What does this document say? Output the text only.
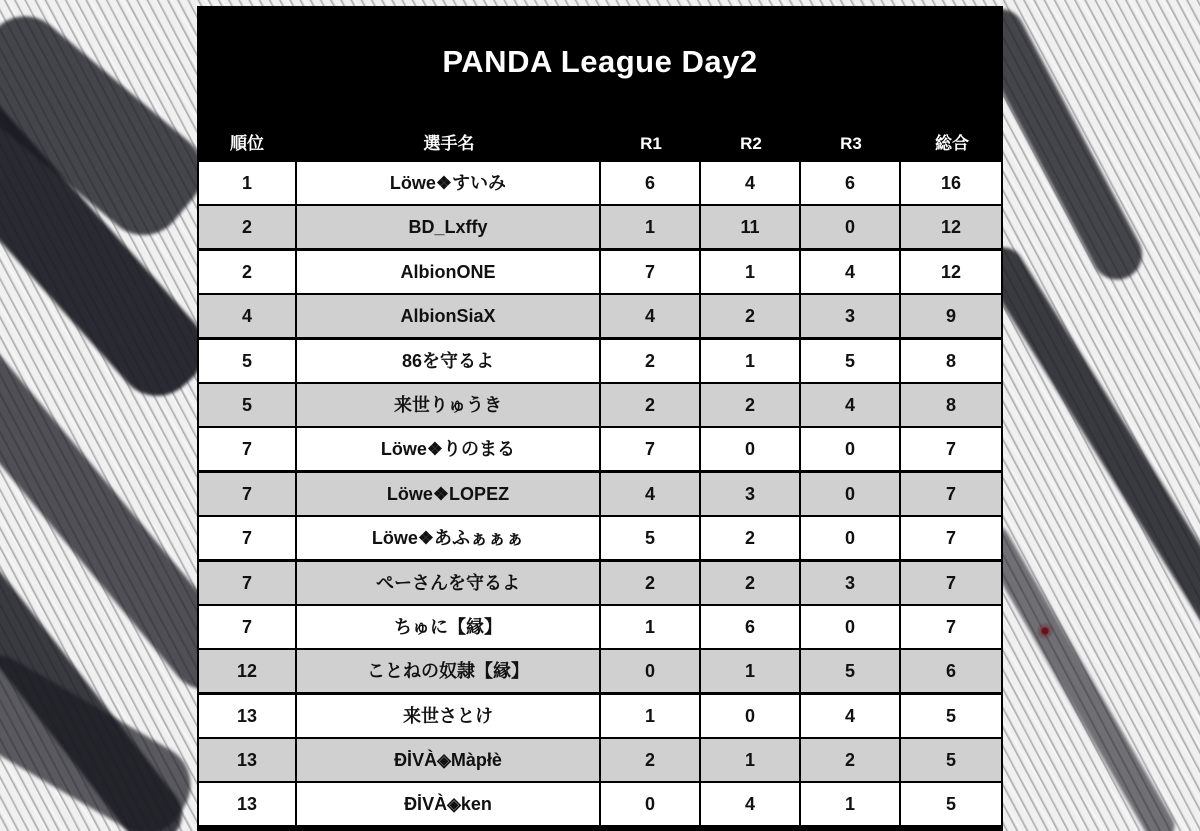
PANDA League Day2
順位	選手名	R1	R2	R3	総合
1	Löwe❖すいみ	6	4	6	16
2	BD_Lxffy	1	11	0	12
2	AlbionONE	7	1	4	12
4	AlbionSiaX	4	2	3	9
5	86を守るよ	2	1	5	8
5	来世りゅうき	2	2	4	8
7	Löwe❖りのまる	7	0	0	7
7	Löwe❖LOPEZ	4	3	0	7
7	Löwe❖あふぁぁぁ	5	2	0	7
7	ぺーさんを守るよ	2	2	3	7
7	ちゅに【縁】	1	6	0	7
12	ことねの奴隷【縁】	0	1	5	6
13	来世さとけ	1	0	4	5
13	ĐİVÀ◈Màpłè	2	1	2	5
13	ĐİVÀ◈ken	0	4	1	5
